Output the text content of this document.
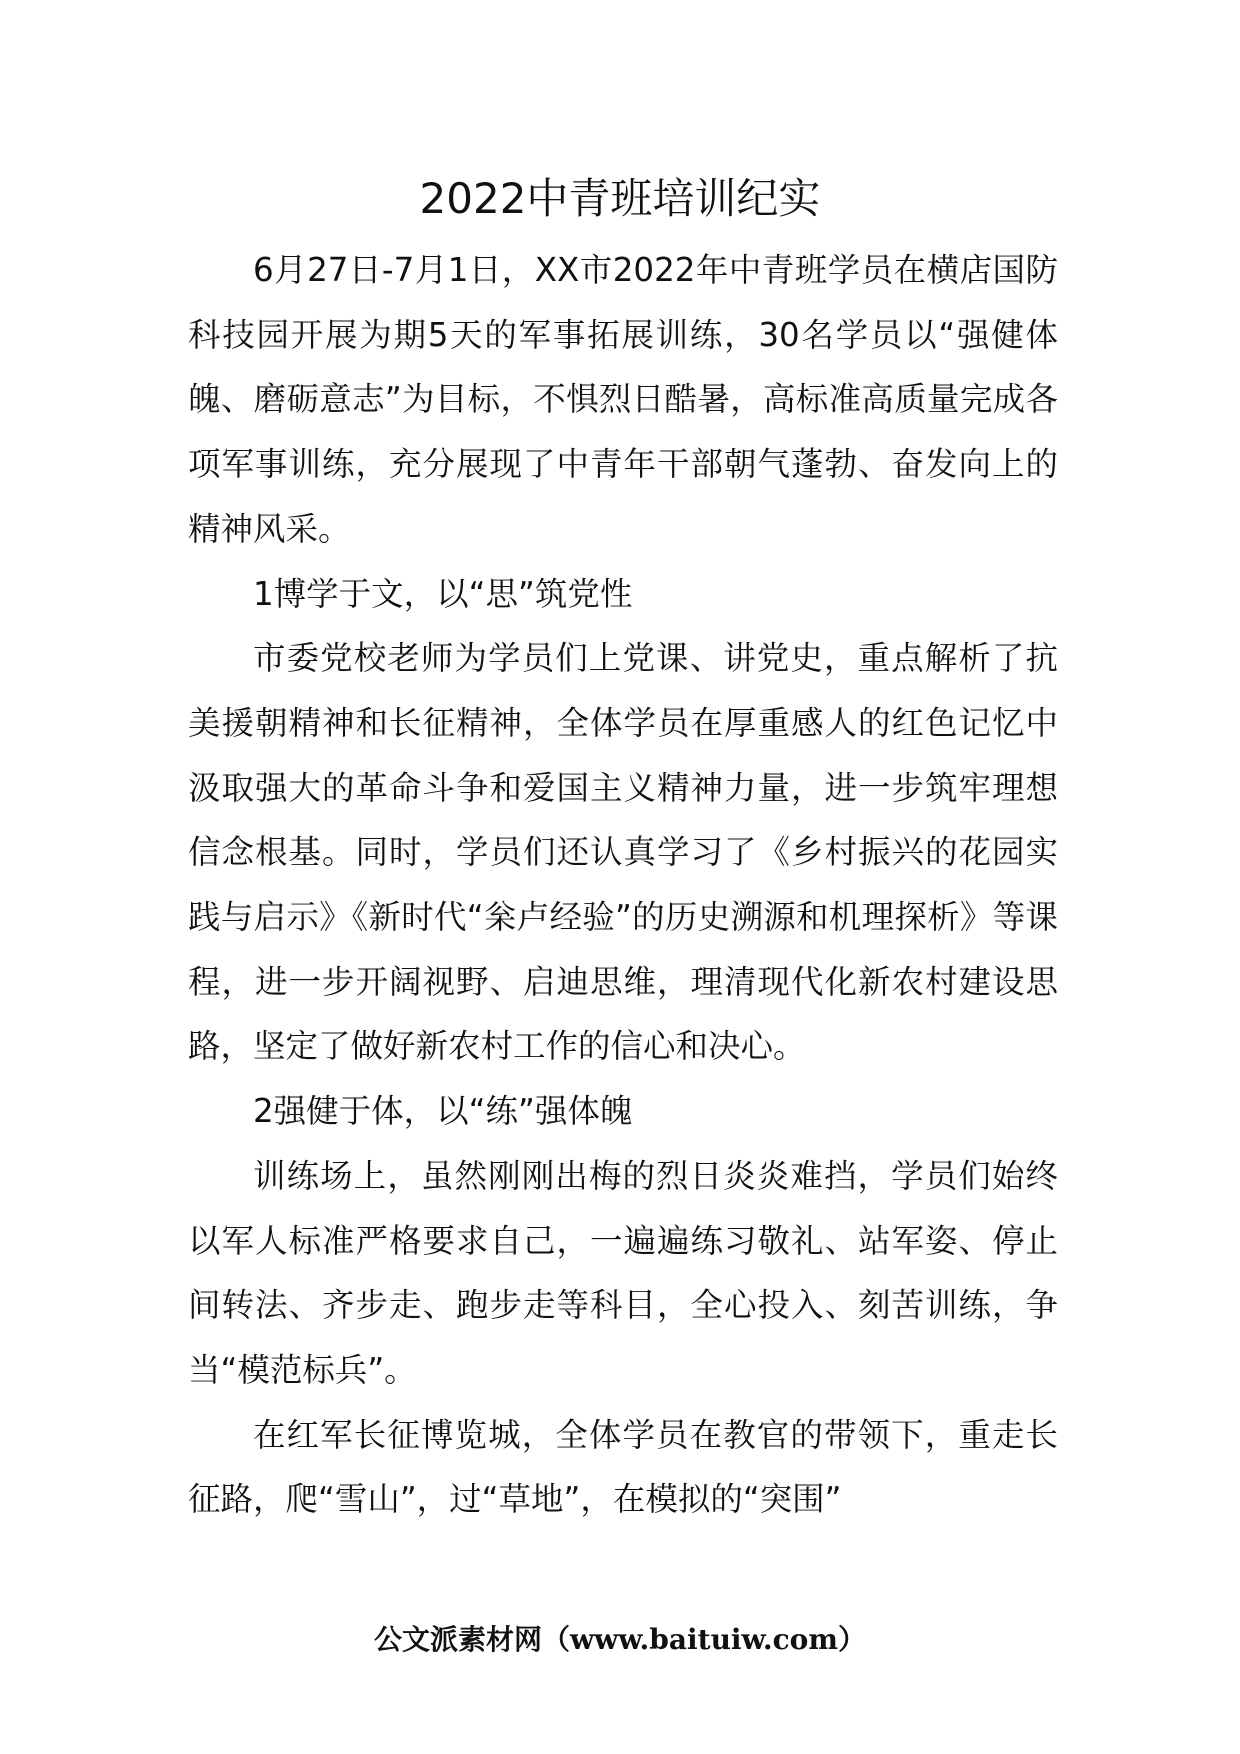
2022中青班培训纪实

6月27日-7月1日，XX市2022年中青班学员在横店国防科技园开展为期5天的军事拓展训练，30名学员以“强健体魄、磨砺意志”为目标，不惧烈日酷暑，高标准高质量完成各项军事训练，充分展现了中青年干部朝气蓬勃、奋发向上的精神风采。

1博学于文，以“思”筑党性

市委党校老师为学员们上党课、讲党史，重点解析了抗美援朝精神和长征精神，全体学员在厚重感人的红色记忆中汲取强大的革命斗争和爱国主义精神力量，进一步筑牢理想信念根基。同时，学员们还认真学习了《乡村振兴的花园实践与启示》《新时代“枀卢经验”的历史溯源和机理探析》等课程，进一步开阔视野、启迪思维，理清现代化新农村建设思路，坚定了做好新农村工作的信心和决心。

2强健于体，以“练”强体魄

训练场上，虽然刚刚出梅的烈日炎炎难挡，学员们始终以军人标准严格要求自己，一遍遍练习敬礼、站军姿、停止间转法、齐步走、跑步走等科目，全心投入、刻苦训练，争当“模范标兵”。

在红军长征博览城，全体学员在教官的带领下，重走长征路，爬“雪山”，过“草地”，在模拟的“突围”

公文派素材网（www.baituiw.com）
